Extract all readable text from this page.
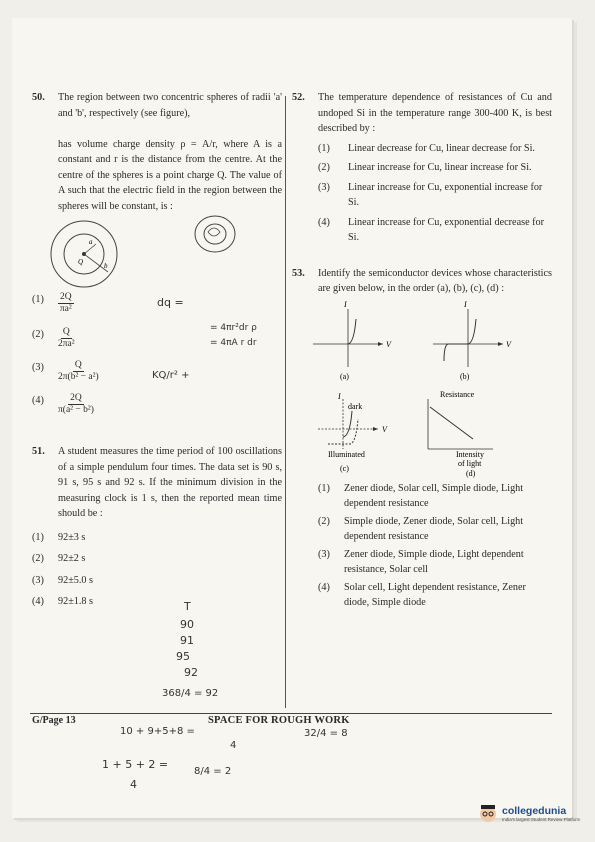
50.	The region between two concentric spheres of radii 'a' and 'b', respectively (see figure),

has volume charge density ρ = A/r, where A is a constant and r is the distance from the centre. At the centre of the spheres is a point charge Q. The value of A such that the electric field in the region between the spheres will be constant, is :
a
b
Q
(1)	$\frac{2Q}{\text{πa²}}$
(2)	$\frac{Q}{\text{2πa²}}$
(3)	$\frac{Q}{\text{2π(b² − a²)}}$
(4)	$\frac{2Q}{\text{π(a² − b²)}}$
51.	A student measures the time period of 100 oscillations of a simple pendulum four times. The data set is 90 s, 91 s, 95 s and 92 s. If the minimum division in the measuring clock is 1 s, then the reported mean time should be :
(1)	92±3 s
(2)	92±2 s
(3)	92±5.0 s
(4)	92±1.8 s
52.	The temperature dependence of resistances of Cu and undoped Si in the temperature range 300-400 K, is best described by :
(1)	Linear decrease for Cu, linear decrease for Si.
(2)	Linear increase for Cu, linear increase for Si.
(3)	Linear increase for Cu, exponential increase for Si.
(4)	Linear increase for Cu, exponential decrease for Si.
53.	Identify the semiconductor devices whose characteristics are given below, in the order (a), (b), (c), (d) :
I
V
(a)
I
V
(b)
I
dark
V
Illuminated
(c)
Resistance
Intensity
of light
(d)
(1)	Zener diode, Solar cell, Simple diode, Light dependent resistance
(2)	Simple diode, Zener diode, Solar cell, Light dependent resistance
(3)	Zener diode, Simple diode, Light dependent resistance, Solar cell
(4)	Solar cell, Light dependent resistance, Zener diode, Simple diode
dq =
= 4πr²dr ρ
= 4πA r dr
KQ/r² +
T
90
91
95
92
368/4 = 92
10 + 9+5+8 =
4
32/4 = 8
1 + 5 + 2 =
4
8/4 = 2
G/Page 13	SPACE FOR ROUGH WORK
collegedunia
India's largest Student Review Platform
